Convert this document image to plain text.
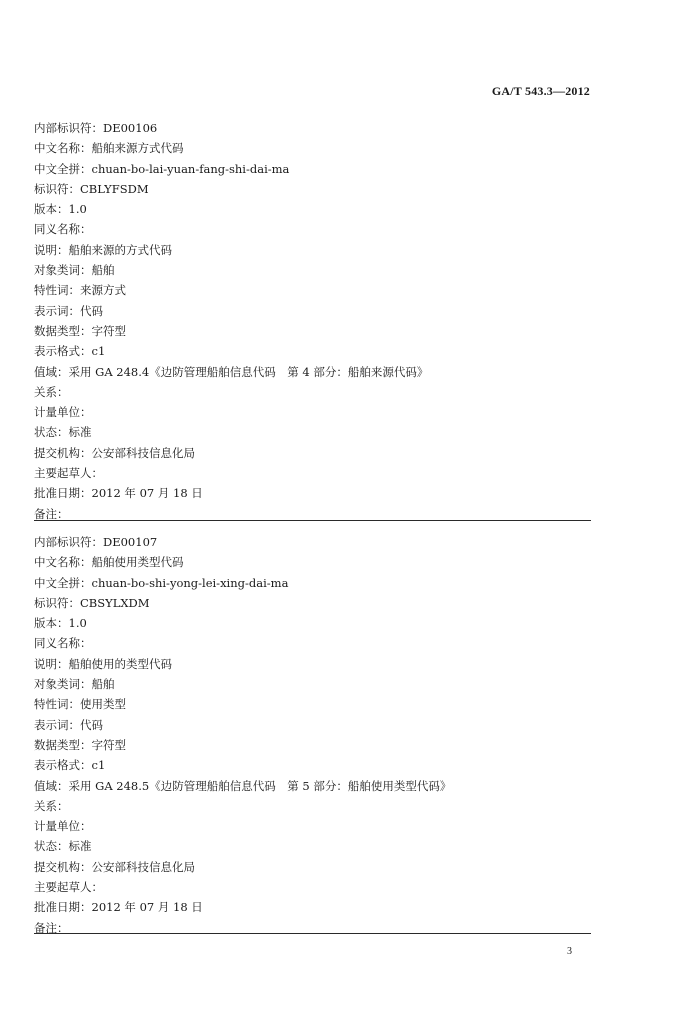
GA/T 543.3—2012
内部标识符：DE00106
中文名称：船舶来源方式代码
中文全拼：chuan-bo-lai-yuan-fang-shi-dai-ma
标识符：CBLYFSDM
版本：1.0
同义名称：
说明：船舶来源的方式代码
对象类词：船舶
特性词：来源方式
表示词：代码
数据类型：字符型
表示格式：c1
值域：采用 GA 248.4《边防管理船舶信息代码　第 4 部分：船舶来源代码》
关系：
计量单位：
状态：标准
提交机构：公安部科技信息化局
主要起草人：
批准日期：2012 年 07 月 18 日
备注：
内部标识符：DE00107
中文名称：船舶使用类型代码
中文全拼：chuan-bo-shi-yong-lei-xing-dai-ma
标识符：CBSYLXDM
版本：1.0
同义名称：
说明：船舶使用的类型代码
对象类词：船舶
特性词：使用类型
表示词：代码
数据类型：字符型
表示格式：c1
值域：采用 GA 248.5《边防管理船舶信息代码　第 5 部分：船舶使用类型代码》
关系：
计量单位：
状态：标准
提交机构：公安部科技信息化局
主要起草人：
批准日期：2012 年 07 月 18 日
备注：
3
